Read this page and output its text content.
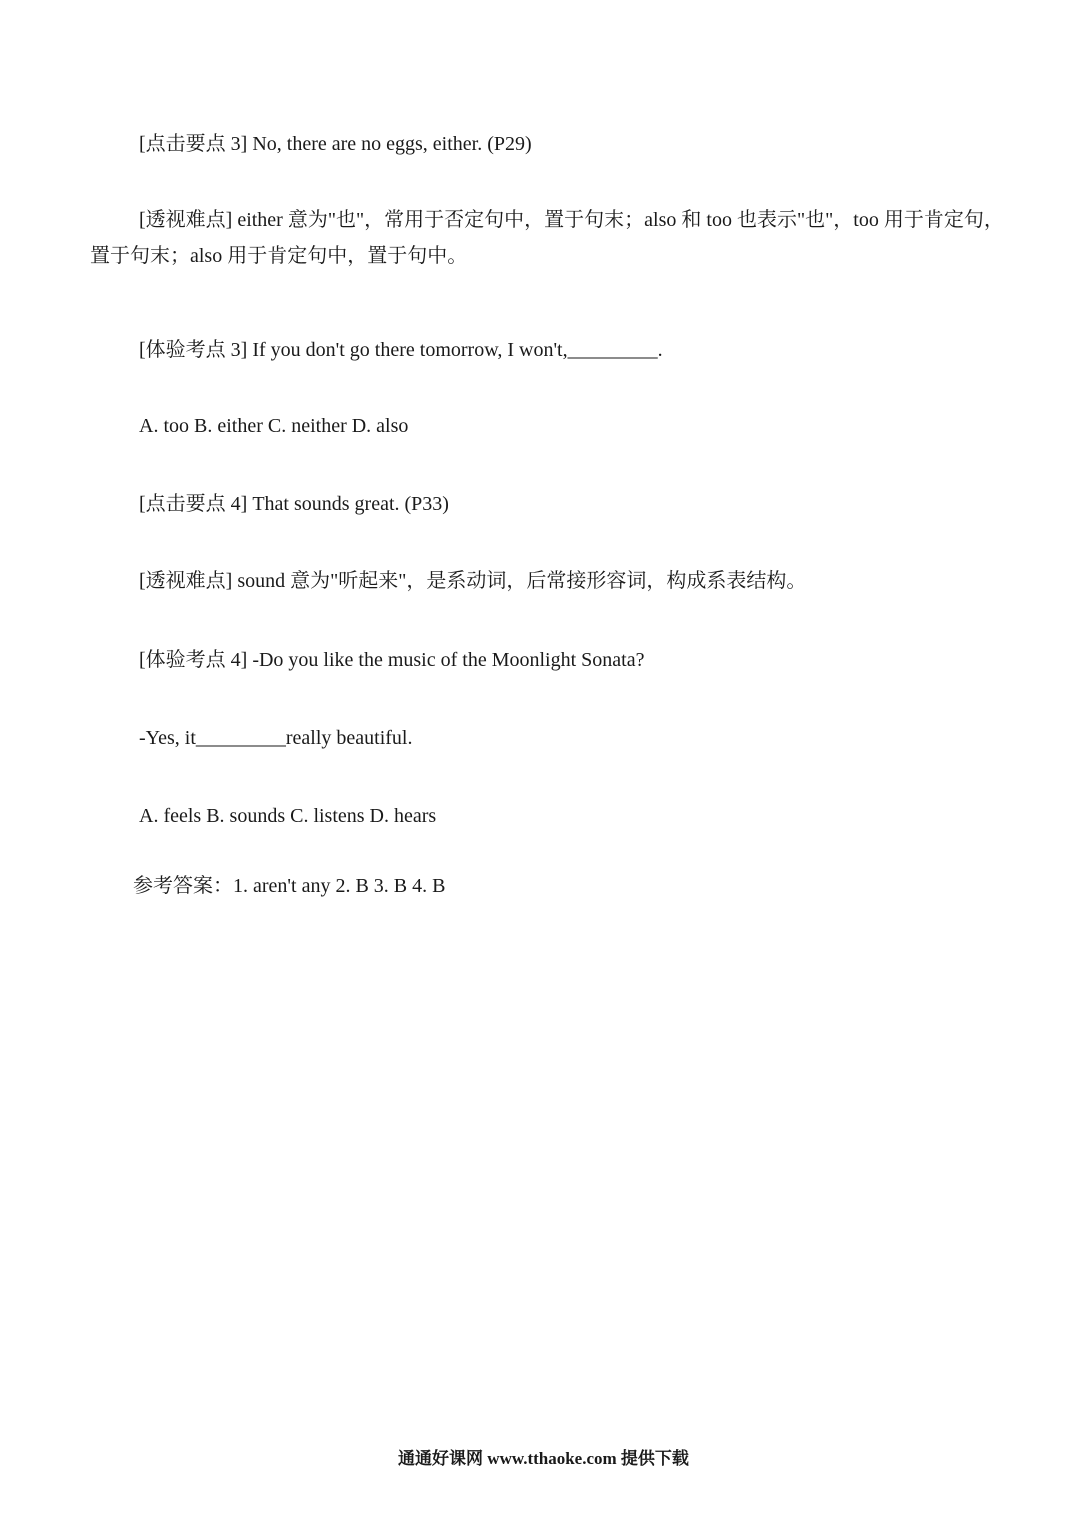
[点击要点 3] No, there are no eggs, either. (P29)
[透视难点] either 意为"也"，常用于否定句中，置于句末；also 和 too 也表示"也"，too 用于肯定句，置于句末；also 用于肯定句中，置于句中。
[体验考点 3] If you don't go there tomorrow, I won't,_________.
A. too B. either C. neither D. also
[点击要点 4] That sounds great. (P33)
[透视难点] sound 意为"听起来"，是系动词，后常接形容词，构成系表结构。
[体验考点 4] -Do you like the music of the Moonlight Sonata?
-Yes, it_________really beautiful.
A. feels B. sounds C. listens D. hears
参考答案：1. aren't any 2. B 3. B 4. B
通通好课网 www.tthaoke.com 提供下载
